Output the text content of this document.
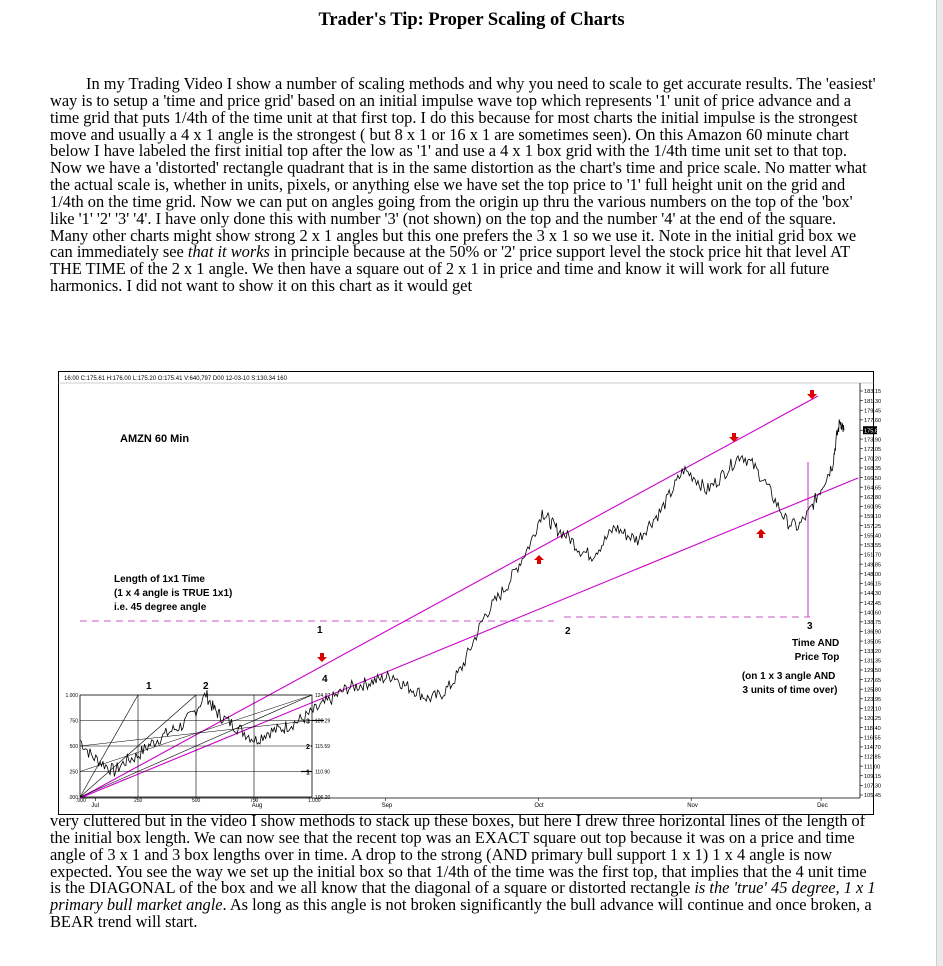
Trader's Tip: Proper Scaling of Charts
In my Trading Video I show a number of scaling methods and why you need to scale to get accurate results. The 'easiest' way is to setup a 'time and price grid' based on an initial impulse wave top which represents '1' unit of price advance and a time grid that puts 1/4th of the time unit at that first top. I do this because for most charts the initial impulse is the strongest move and usually a 4 x 1 angle is the strongest ( but 8 x 1 or 16 x 1 are sometimes seen). On this Amazon 60 minute chart below I have labeled the first initial top after the low as '1' and use a 4 x 1 box grid with the 1/4th time unit set to that top. Now we have a 'distorted' rectangle quadrant that is in the same distortion as the chart's time and price scale. No matter what the actual scale is, whether in units, pixels, or anything else we have set the top price to '1' full height unit on the grid and 1/4th on the time grid. Now we can put on angles going from the origin up thru the various numbers on the top of the 'box' like '1' '2' '3' '4'. I have only done this with number '3' (not shown) on the top and the number '4' at the end of the square. Many other charts might show strong 2 x 1 angles but this one prefers the 3 x 1 so we use it. Note in the initial grid box we can immediately see that it works in principle because at the 50% or '2' price support level the stock price hit that level AT THE TIME of the 2 x 1 angle. We then have a square out of 2 x 1 in price and time and know it will work for all future harmonics. I did not want to show it on this chart as it would get
16:00 C:175.61 H:176.00 L:175.20 O:175.41 V:640,797 D00 12-03-10 S:130.34 160
183.15
181.30
179.45
177.60
175.61
173.90
172.05
170.20
168.35
166.50
164.65
162.80
160.95
159.10
157.25
155.40
153.55
151.70
149.85
148.00
146.15
144.30
142.45
140.60
138.75
136.90
135.05
133.20
131.35
129.50
127.65
125.80
123.95
122.10
120.25
118.40
116.55
114.70
112.85
111.00
109.15
107.30
105.45
Jul	Aug	Sep	Oct	Nov	Dec
AMZN 60 Min
.000
250
500
750
1.000
.000	250	500	750	1.000
106.20
110.90
115.59
120.29
124.97
1
2
3
1	2
4
1	2	3
Length of 1x1 Time (1 x 4 angle is TRUE 1x1) i.e. 45 degree angle
Time AND Price Top
(on 1 x 3 angle AND 3 units of time over)
very cluttered but in the video I show methods to stack up these boxes, but here I drew three horizontal lines of the length of the initial box length. We can now see that the recent top was an EXACT square out top because it was on a price and time angle of 3 x 1 and 3 box lengths over in time. A drop to the strong (AND primary bull support 1 x 1) 1 x 4 angle is now expected. You see the way we set up the initial box so that 1/4th of the time was the first top, that implies that the 4 unit time is the DIAGONAL of the box and we all know that the diagonal of a square or distorted rectangle is the 'true' 45 degree, 1 x 1 primary bull market angle. As long as this angle is not broken significantly the bull advance will continue and once broken, a BEAR trend will start.
